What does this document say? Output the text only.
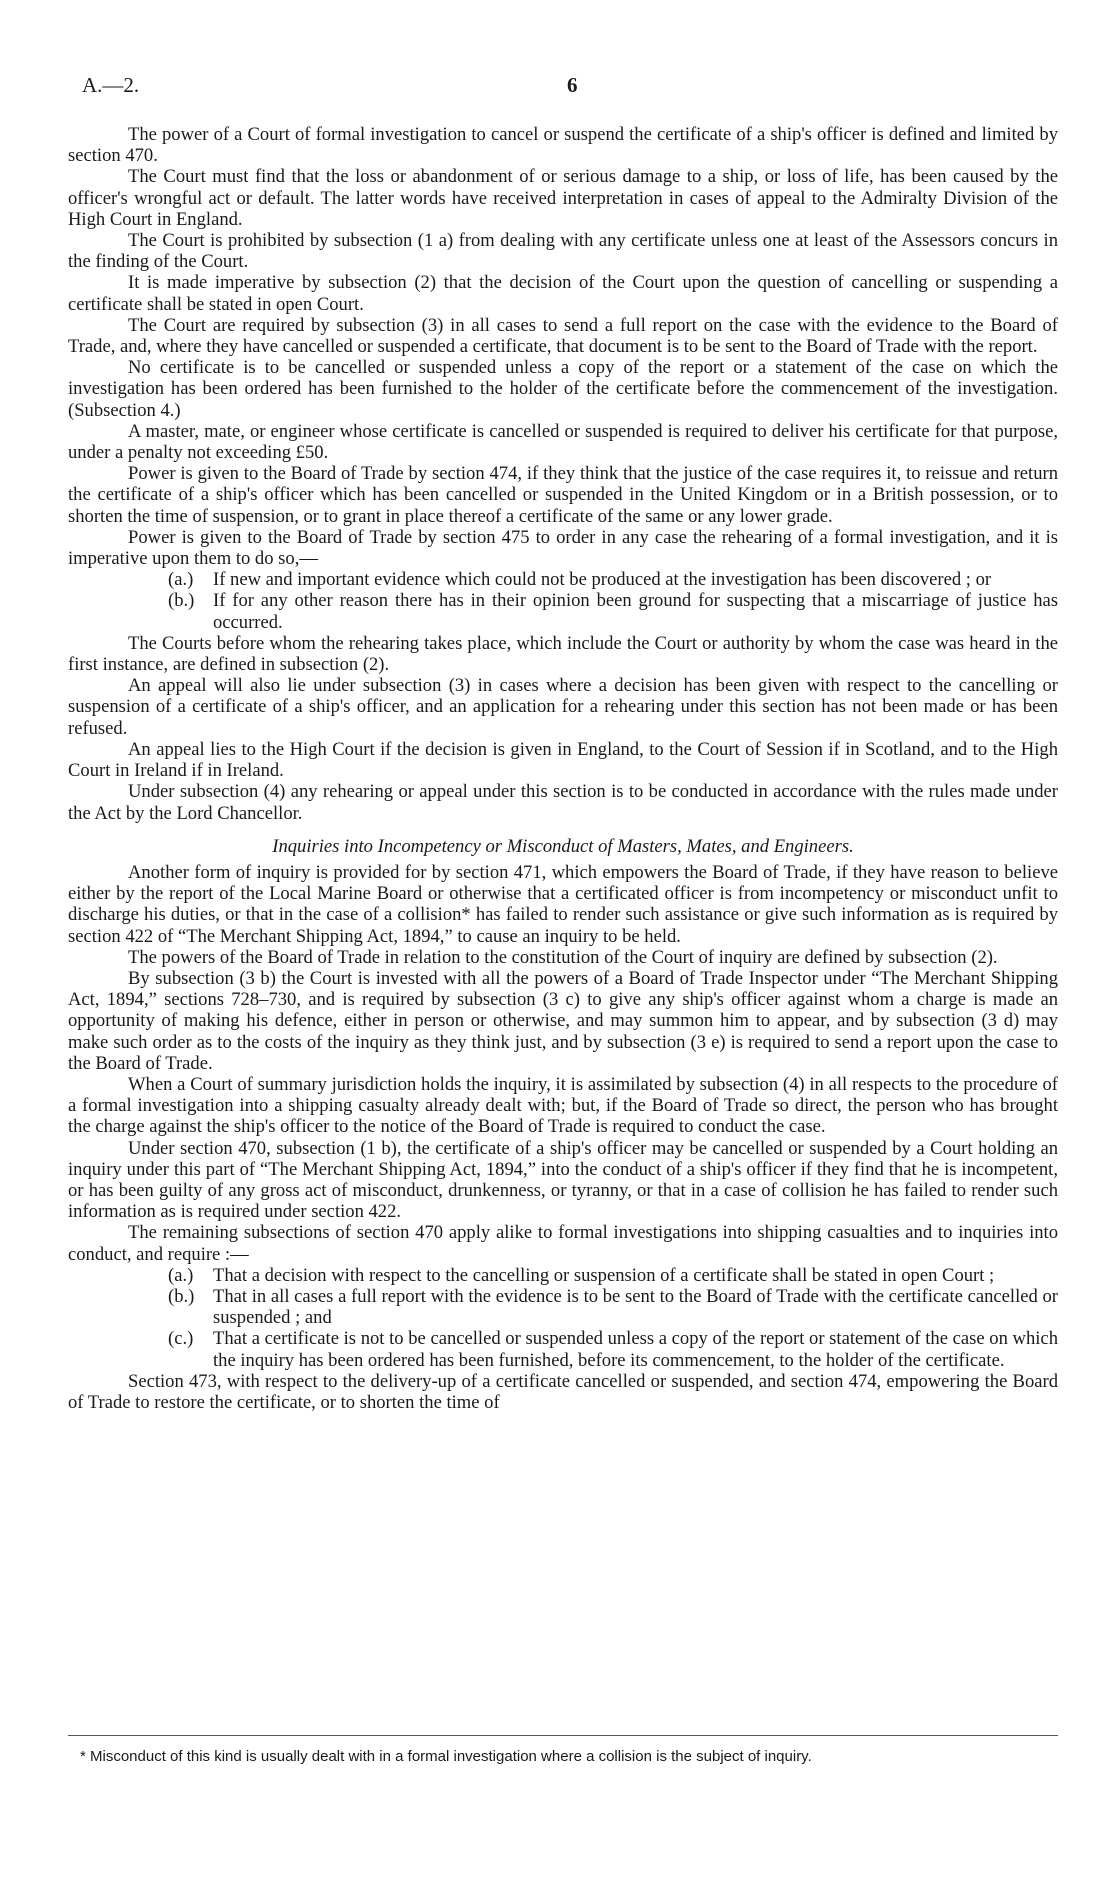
A.—2.	6

The power of a Court of formal investigation to cancel or suspend the certificate of a ship's officer is defined and limited by section 470.

The Court must find that the loss or abandonment of or serious damage to a ship, or loss of life, has been caused by the officer's wrongful act or default. The latter words have received interpretation in cases of appeal to the Admiralty Division of the High Court in England.

The Court is prohibited by subsection (1 a) from dealing with any certificate unless one at least of the Assessors concurs in the finding of the Court.

It is made imperative by subsection (2) that the decision of the Court upon the question of cancelling or suspending a certificate shall be stated in open Court.

The Court are required by subsection (3) in all cases to send a full report on the case with the evidence to the Board of Trade, and, where they have cancelled or suspended a certificate, that document is to be sent to the Board of Trade with the report.

No certificate is to be cancelled or suspended unless a copy of the report or a statement of the case on which the investigation has been ordered has been furnished to the holder of the certificate before the commencement of the investigation. (Subsection 4.)

A master, mate, or engineer whose certificate is cancelled or suspended is required to deliver his certificate for that purpose, under a penalty not exceeding £50.

Power is given to the Board of Trade by section 474, if they think that the justice of the case requires it, to reissue and return the certificate of a ship's officer which has been cancelled or suspended in the United Kingdom or in a British possession, or to shorten the time of suspension, or to grant in place thereof a certificate of the same or any lower grade.

Power is given to the Board of Trade by section 475 to order in any case the rehearing of a formal investigation, and it is imperative upon them to do so,—

(a.) If new and important evidence which could not be produced at the investigation has been discovered ; or

(b.) If for any other reason there has in their opinion been ground for suspecting that a miscarriage of justice has occurred.

The Courts before whom the rehearing takes place, which include the Court or authority by whom the case was heard in the first instance, are defined in subsection (2).

An appeal will also lie under subsection (3) in cases where a decision has been given with respect to the cancelling or suspension of a certificate of a ship's officer, and an application for a rehearing under this section has not been made or has been refused.

An appeal lies to the High Court if the decision is given in England, to the Court of Session if in Scotland, and to the High Court in Ireland if in Ireland.

Under subsection (4) any rehearing or appeal under this section is to be conducted in accordance with the rules made under the Act by the Lord Chancellor.

Inquiries into Incompetency or Misconduct of Masters, Mates, and Engineers.

Another form of inquiry is provided for by section 471, which empowers the Board of Trade, if they have reason to believe either by the report of the Local Marine Board or otherwise that a certificated officer is from incompetency or misconduct unfit to discharge his duties, or that in the case of a collision* has failed to render such assistance or give such information as is required by section 422 of “The Merchant Shipping Act, 1894,” to cause an inquiry to be held.

The powers of the Board of Trade in relation to the constitution of the Court of inquiry are defined by subsection (2).

By subsection (3 b) the Court is invested with all the powers of a Board of Trade Inspector under “The Merchant Shipping Act, 1894,” sections 728–730, and is required by subsection (3 c) to give any ship's officer against whom a charge is made an opportunity of making his defence, either in person or otherwise, and may summon him to appear, and by subsection (3 d) may make such order as to the costs of the inquiry as they think just, and by subsection (3 e) is required to send a report upon the case to the Board of Trade.

When a Court of summary jurisdiction holds the inquiry, it is assimilated by subsection (4) in all respects to the procedure of a formal investigation into a shipping casualty already dealt with; but, if the Board of Trade so direct, the person who has brought the charge against the ship's officer to the notice of the Board of Trade is required to conduct the case.

Under section 470, subsection (1 b), the certificate of a ship's officer may be cancelled or suspended by a Court holding an inquiry under this part of “The Merchant Shipping Act, 1894,” into the conduct of a ship's officer if they find that he is incompetent, or has been guilty of any gross act of misconduct, drunkenness, or tyranny, or that in a case of collision he has failed to render such information as is required under section 422.

The remaining subsections of section 470 apply alike to formal investigations into shipping casualties and to inquiries into conduct, and require :—

(a.) That a decision with respect to the cancelling or suspension of a certificate shall be stated in open Court ;

(b.) That in all cases a full report with the evidence is to be sent to the Board of Trade with the certificate cancelled or suspended ; and

(c.) That a certificate is not to be cancelled or suspended unless a copy of the report or statement of the case on which the inquiry has been ordered has been furnished, before its commencement, to the holder of the certificate.

Section 473, with respect to the delivery-up of a certificate cancelled or suspended, and section 474, empowering the Board of Trade to restore the certificate, or to shorten the time of

* Misconduct of this kind is usually dealt with in a formal investigation where a collision is the subject of inquiry.
